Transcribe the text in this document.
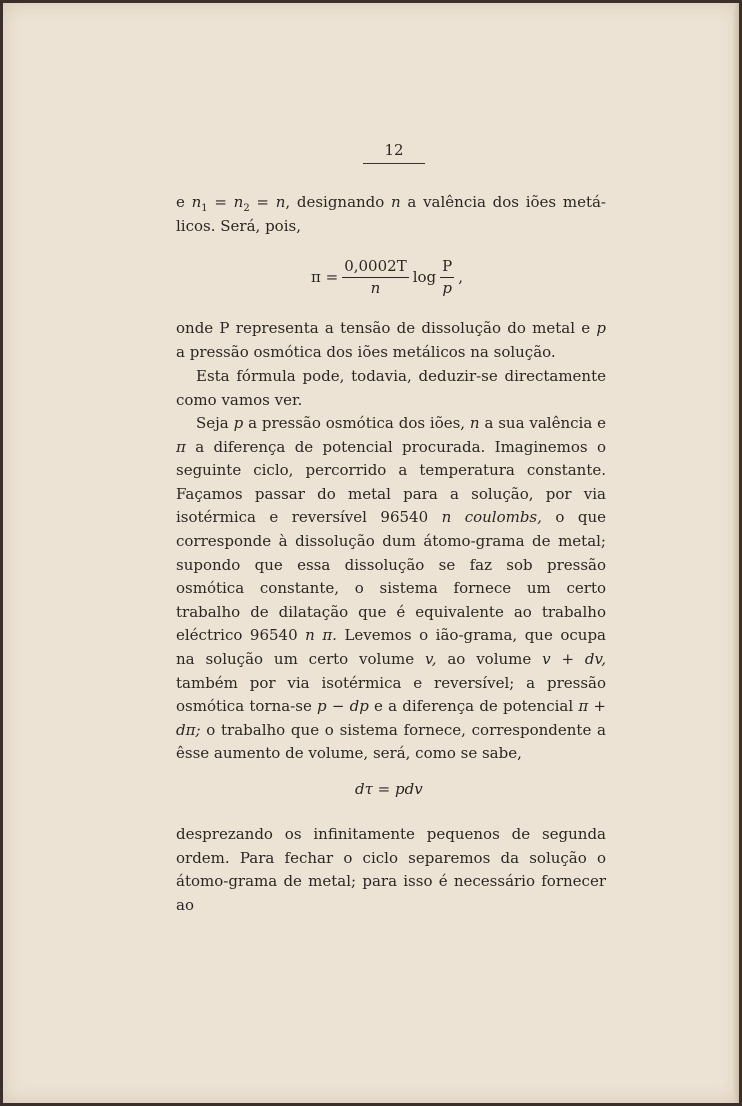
12
e $n_1 = n_2 = n$, designando n a valência dos iões metá-
licos. Será, pois,
$\pi = \frac{0,0002T}{n}$ $\log \frac{P}{p}$ ,
onde P representa a tensão de dissolução do metal e p
a pressão osmótica dos iões metálicos na solução.
Esta fórmula pode, todavia, deduzir-se directamente como vamos ver.
Seja p a pressão osmótica dos iões, n a sua valência e π a diferença de potencial procurada. Imaginemos o seguinte ciclo, percorrido a temperatura constante. Façamos passar do metal para a solução, por via isotérmica e reversível 96540 n coulombs, o que corresponde à dissolução dum átomo-grama de metal; supondo que essa dissolução se faz sob pressão osmótica constante, o sistema fornece um certo trabalho de dilatação que é equivalente ao trabalho eléctrico 96540 n π. Levemos o ião-grama, que ocupa na solução um certo volume v, ao volume v + dv, também por via isotérmica e reversível; a pressão osmótica torna-se p − dp e a diferença de potencial π + dπ; o trabalho que o sistema fornece, correspondente a êsse aumento de volume, será, como se sabe,
dτ = pdv
desprezando os infinitamente pequenos de segunda ordem. Para fechar o ciclo separemos da solução o átomo-grama de metal; para isso é necessário fornecer ao
